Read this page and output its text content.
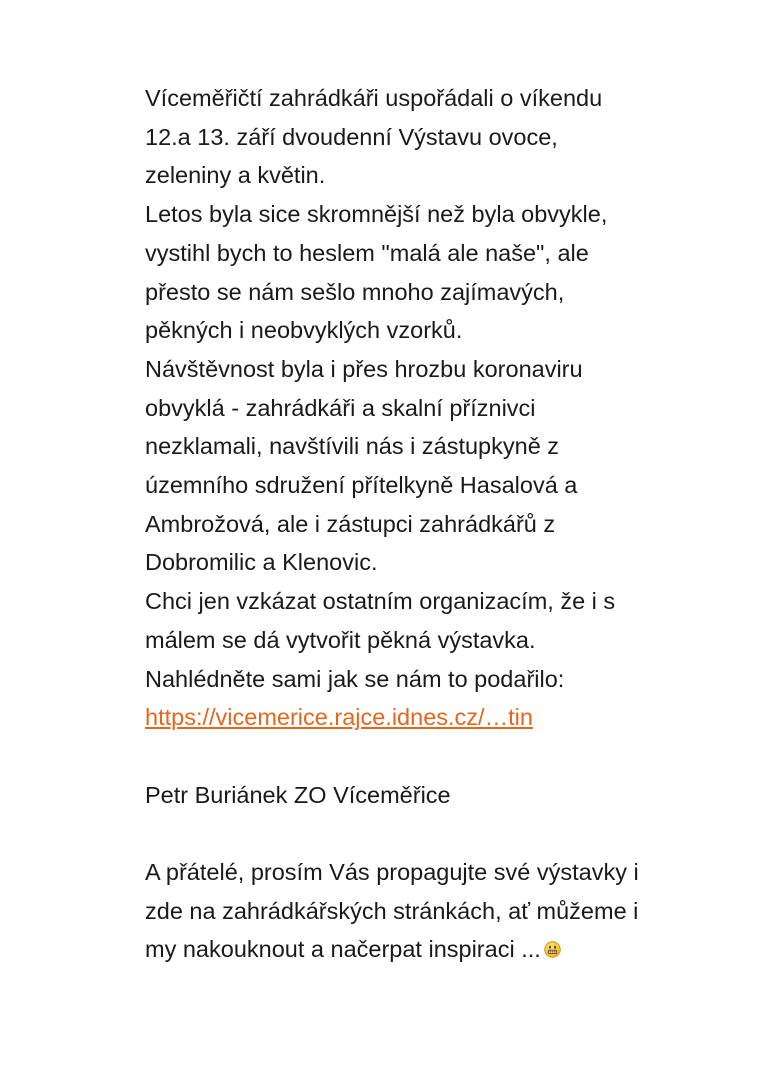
Víceměřičtí zahrádkáři uspořádali o víkendu
12.a 13. září dvoudenní Výstavu ovoce,
zeleniny a květin.
Letos byla sice skromnější než byla obvykle,
vystihl bych to heslem "malá ale naše", ale
přesto se nám sešlo mnoho zajímavých,
pěkných i neobvyklých vzorků.
Návštěvnost byla i přes hrozbu koronaviru
obvyklá - zahrádkáři a skalní příznivci
nezklamali, navštívili nás i zástupkyně z
územního sdružení přítelkyně Hasalová a
Ambrožová, ale i zástupci zahrádkářů z
Dobromilic a Klenovic.
Chci jen vzkázat ostatním organizacím, že i s
málem se dá vytvořit pěkná výstavka.
Nahlédněte sami jak se nám to podařilo:
https://vicemerice.rajce.idnes.cz/…tin
Petr Buriánek ZO Víceměřice
A přátelé, prosím Vás propagujte své výstavky i
zde na zahrádkářských stránkách, ať můžeme i
my nakouknout a načerpat inspiraci ...
